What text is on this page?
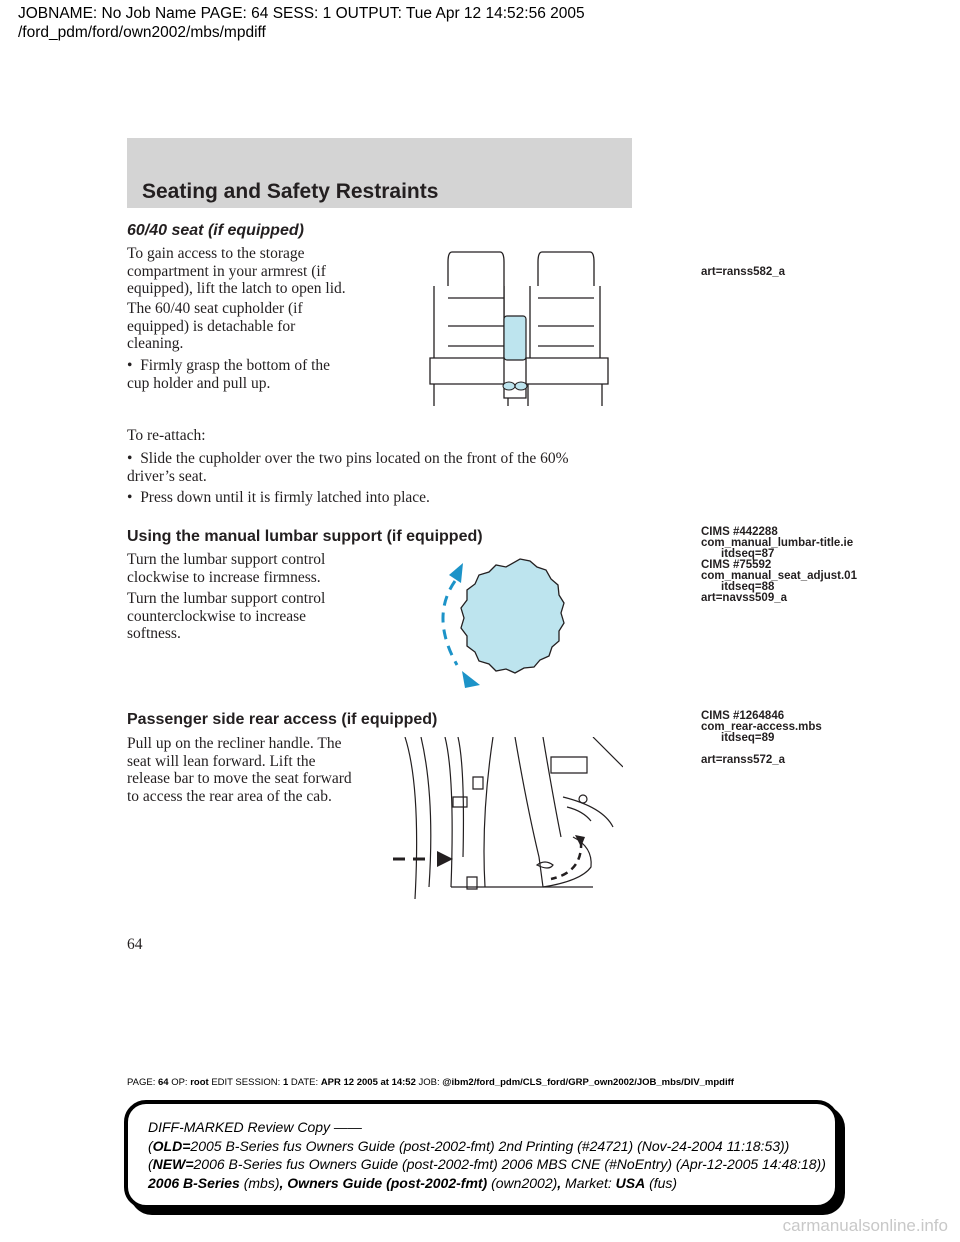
JOBNAME: No Job Name PAGE: 64 SESS: 1 OUTPUT: Tue Apr 12 14:52:56 2005
/ford_pdm/ford/own2002/mbs/mpdiff
Seating and Safety Restraints
60/40 seat (if equipped)
To gain access to the storage
compartment in your armrest (if
equipped), lift the latch to open lid.
The 60/40 seat cupholder (if
equipped) is detachable for
cleaning.
•  Firmly grasp the bottom of the
cup holder and pull up.
art=ranss582_a
To re-attach:
•  Slide the cupholder over the two pins located on the front of the 60%
driver’s seat.
•  Press down until it is firmly latched into place.
Using the manual lumbar support (if equipped)
Turn the lumbar support control
clockwise to increase firmness.
Turn the lumbar support control
counterclockwise to increase
softness.
CIMS #442288
com_manual_lumbar-title.ie
itdseq=87
CIMS #75592
com_manual_seat_adjust.01
itdseq=88
art=navss509_a
Passenger side rear access (if equipped)
Pull up on the recliner handle. The
seat will lean forward. Lift the
release bar to move the seat forward
to access the rear area of the cab.
CIMS #1264846
com_rear-access.mbs
itdseq=89
art=ranss572_a
64
PAGE: 64 OP: root EDIT SESSION: 1 DATE: APR 12 2005 at 14:52 JOB: @ibm2/ford_pdm/CLS_ford/GRP_own2002/JOB_mbs/DIV_mpdiff
DIFF-MARKED Review Copy ——
(OLD=2005 B-Series fus Owners Guide (post-2002-fmt) 2nd Printing (#24721) (Nov-24-2004 11:18:53))
(NEW=2006 B-Series fus Owners Guide (post-2002-fmt) 2006 MBS CNE (#NoEntry) (Apr-12-2005 14:48:18))
2006 B-Series (mbs), Owners Guide (post-2002-fmt) (own2002), Market: USA (fus)
carmanualsonline.info
